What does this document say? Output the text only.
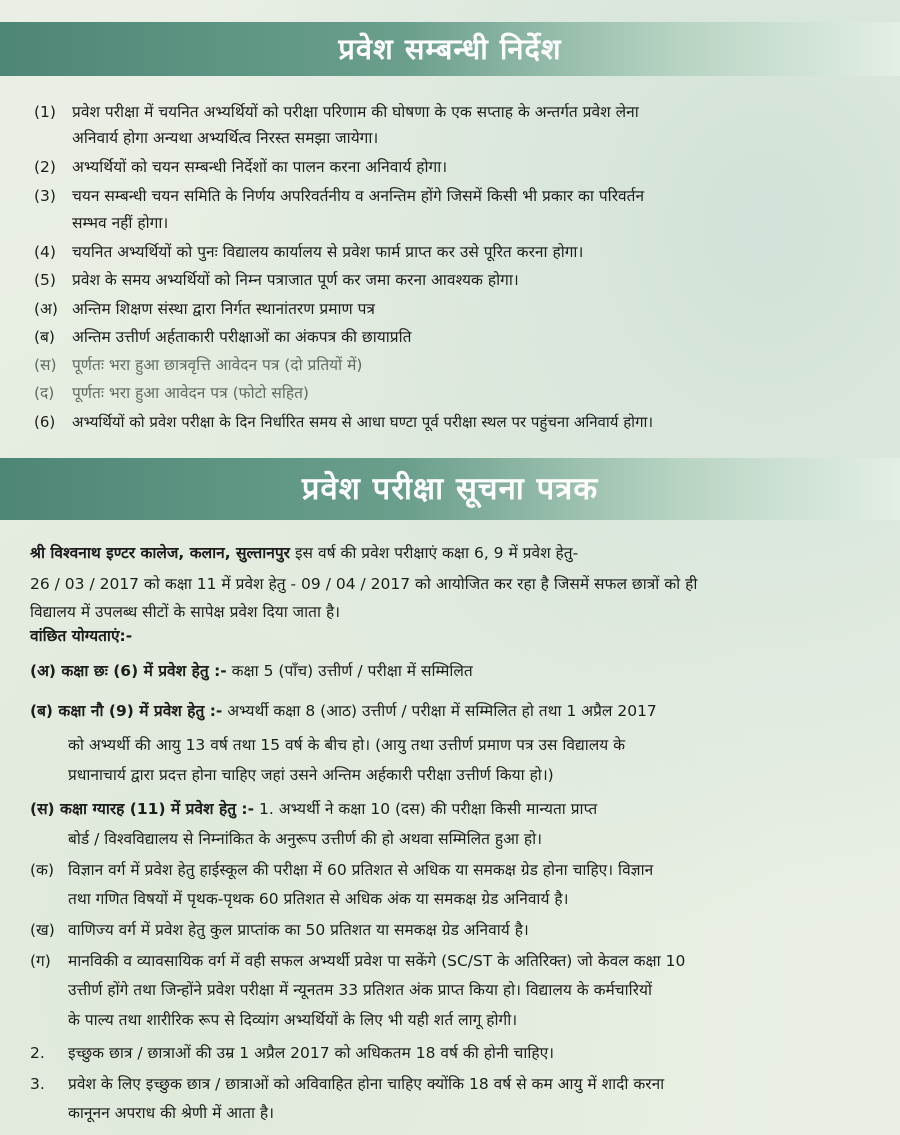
प्रवेश सम्बन्धी निर्देश
(1)	प्रवेश परीक्षा में चयनित अभ्यर्थियों को परीक्षा परिणाम की घोषणा के एक सप्ताह के अन्तर्गत प्रवेश लेना
अनिवार्य होगा अन्यथा अभ्यर्थित्व निरस्त समझा जायेगा।
(2)	अभ्यर्थियों को चयन सम्बन्धी निर्देशों का पालन करना अनिवार्य होगा।
(3)	चयन सम्बन्धी चयन समिति के निर्णय अपरिवर्तनीय व अनन्तिम होंगे जिसमें किसी भी प्रकार का परिवर्तन
सम्भव नहीं होगा।
(4)	चयनित अभ्यर्थियों को पुनः विद्यालय कार्यालय से प्रवेश फार्म प्राप्त कर उसे पूरित करना होगा।
(5)	प्रवेश के समय अभ्यर्थियों को निम्न पत्राजात पूर्ण कर जमा करना आवश्यक होगा।
(अ) अन्तिम शिक्षण संस्था द्वारा निर्गत स्थानांतरण प्रमाण पत्र
(ब)	अन्तिम उत्तीर्ण अर्हताकारी परीक्षाओं का अंकपत्र की छायाप्रति
(स) पूर्णतः भरा हुआ छात्रवृत्ति आवेदन पत्र (दो प्रतियों में)
(द)	पूर्णतः भरा हुआ आवेदन पत्र (फोटो सहित)
(6)	अभ्यर्थियों को प्रवेश परीक्षा के दिन निर्धारित समय से आधा घण्टा पूर्व परीक्षा स्थल पर पहुंचना अनिवार्य होगा।
प्रवेश परीक्षा सूचना पत्रक
श्री विश्वनाथ इण्टर कालेज, कलान, सुल्तानपुर इस वर्ष की प्रवेश परीक्षाएं कक्षा 6, 9 में प्रवेश हेतु-
26 / 03 / 2017 को कक्षा 11 में प्रवेश हेतु - 09 / 04 / 2017 को आयोजित कर रहा है जिसमें सफल छात्रों को ही
विद्यालय में उपलब्ध सीटों के सापेक्ष प्रवेश दिया जाता है।
वांछित योग्यताएं:-
(अ) कक्षा छः (6) में प्रवेश हेतु :- कक्षा 5 (पाँच) उत्तीर्ण / परीक्षा में सम्मिलित
(ब) कक्षा नौ (9) में प्रवेश हेतु :- अभ्यर्थी कक्षा 8 (आठ) उत्तीर्ण / परीक्षा में सम्मिलित हो तथा 1 अप्रैल 2017
को अभ्यर्थी की आयु 13 वर्ष तथा 15 वर्ष के बीच हो। (आयु तथा उत्तीर्ण प्रमाण पत्र उस विद्यालय के
प्रधानाचार्य द्वारा प्रदत्त होना चाहिए जहां उसने अन्तिम अर्हकारी परीक्षा उत्तीर्ण किया हो।)
(स) कक्षा ग्यारह (11) में प्रवेश हेतु :- 1. अभ्यर्थी ने कक्षा 10 (दस) की परीक्षा किसी मान्यता प्राप्त
बोर्ड / विश्वविद्यालय से निम्नांकित के अनुरूप उत्तीर्ण की हो अथवा सम्मिलित हुआ हो।
(क) विज्ञान वर्ग में प्रवेश हेतु हाईस्कूल की परीक्षा में 60 प्रतिशत से अधिक या समकक्ष ग्रेड होना चाहिए। विज्ञान
तथा गणित विषयों में पृथक-पृथक 60 प्रतिशत से अधिक अंक या समकक्ष ग्रेड अनिवार्य है।
(ख) वाणिज्य वर्ग में प्रवेश हेतु कुल प्राप्तांक का 50 प्रतिशत या समकक्ष ग्रेड अनिवार्य है।
(ग) मानविकी व व्यावसायिक वर्ग में वही सफल अभ्यर्थी प्रवेश पा सकेंगे (SC/ST के अतिरिक्त) जो केवल कक्षा 10
उत्तीर्ण होंगे तथा जिन्होंने प्रवेश परीक्षा में न्यूनतम 33 प्रतिशत अंक प्राप्त किया हो। विद्यालय के कर्मचारियों
के पाल्य तथा शारीरिक रूप से दिव्यांग अभ्यर्थियों के लिए भी यही शर्त लागू होगी।
2. इच्छुक छात्र / छात्राओं की उम्र 1 अप्रैल 2017 को अधिकतम 18 वर्ष की होनी चाहिए।
3. प्रवेश के लिए इच्छुक छात्र / छात्राओं को अविवाहित होना चाहिए क्योंकि 18 वर्ष से कम आयु में शादी करना
कानूनन अपराध की श्रेणी में आता है।
